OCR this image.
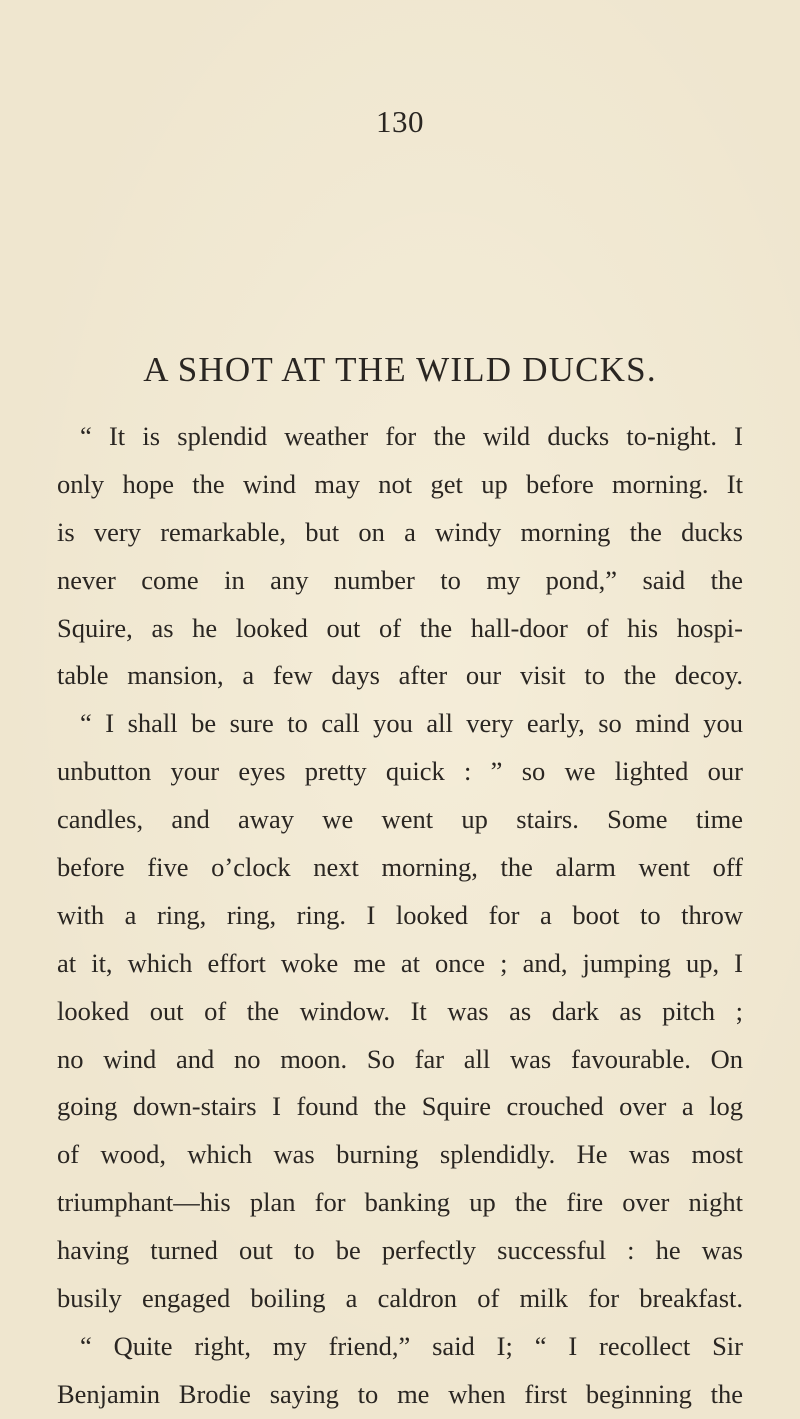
130
A SHOT AT THE WILD DUCKS.
“ It is splendid weather for the wild ducks to-night. I
only hope the wind may not get up before morning. It
is very remarkable, but on a windy morning the ducks
never come in any number to my pond,” said the
Squire, as he looked out of the hall-door of his hospi-
table mansion, a few days after our visit to the decoy.
“ I shall be sure to call you all very early, so mind you
unbutton your eyes pretty quick : ” so we lighted our
candles, and away we went up stairs. Some time
before five o’clock next morning, the alarm went off
with a ring, ring, ring. I looked for a boot to throw
at it, which effort woke me at once ; and, jumping up, I
looked out of the window. It was as dark as pitch ;
no wind and no moon. So far all was favourable. On
going down-stairs I found the Squire crouched over a log
of wood, which was burning splendidly. He was most
triumphant—his plan for banking up the fire over night
having turned out to be perfectly successful : he was
busily engaged boiling a caldron of milk for breakfast.
“ Quite right, my friend,” said I; “ I recollect Sir
Benjamin Brodie saying to me when first beginning the
